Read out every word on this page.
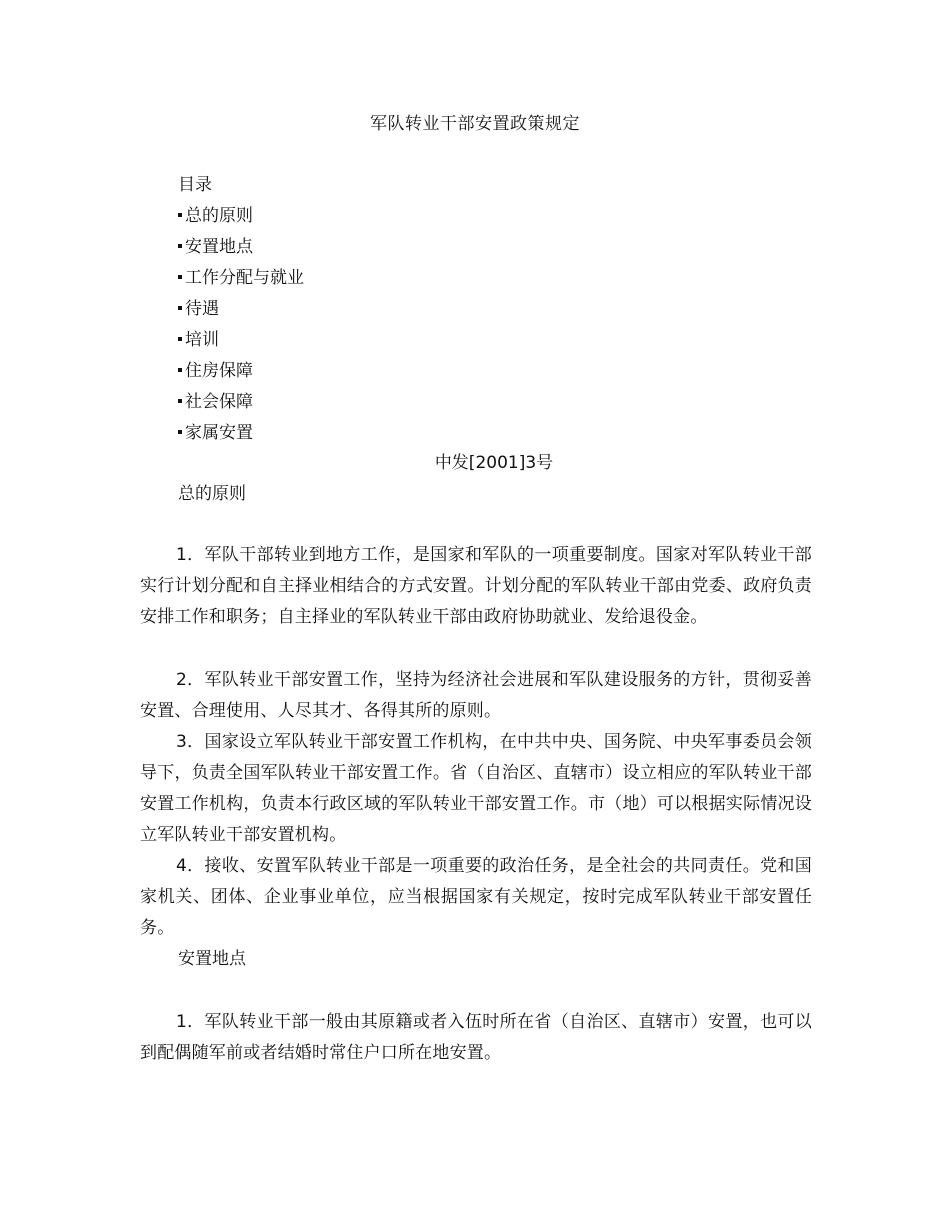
军队转业干部安置政策规定
目录
总的原则
安置地点
工作分配与就业
待遇
培训
住房保障
社会保障
家属安置
中发[2001]3号
总的原则

1．军队干部转业到地方工作，是国家和军队的一项重要制度。国家对军队转业干部实行计划分配和自主择业相结合的方式安置。计划分配的军队转业干部由党委、政府负责安排工作和职务；自主择业的军队转业干部由政府协助就业、发给退役金。

2．军队转业干部安置工作，坚持为经济社会进展和军队建设服务的方针，贯彻妥善安置、合理使用、人尽其才、各得其所的原则。

3．国家设立军队转业干部安置工作机构，在中共中央、国务院、中央军事委员会领导下，负责全国军队转业干部安置工作。省（自治区、直辖市）设立相应的军队转业干部安置工作机构，负责本行政区域的军队转业干部安置工作。市（地）可以根据实际情况设立军队转业干部安置机构。

4．接收、安置军队转业干部是一项重要的政治任务，是全社会的共同责任。党和国家机关、团体、企业事业单位，应当根据国家有关规定，按时完成军队转业干部安置任务。

安置地点

1．军队转业干部一般由其原籍或者入伍时所在省（自治区、直辖市）安置，也可以到配偶随军前或者结婚时常住户口所在地安置。
